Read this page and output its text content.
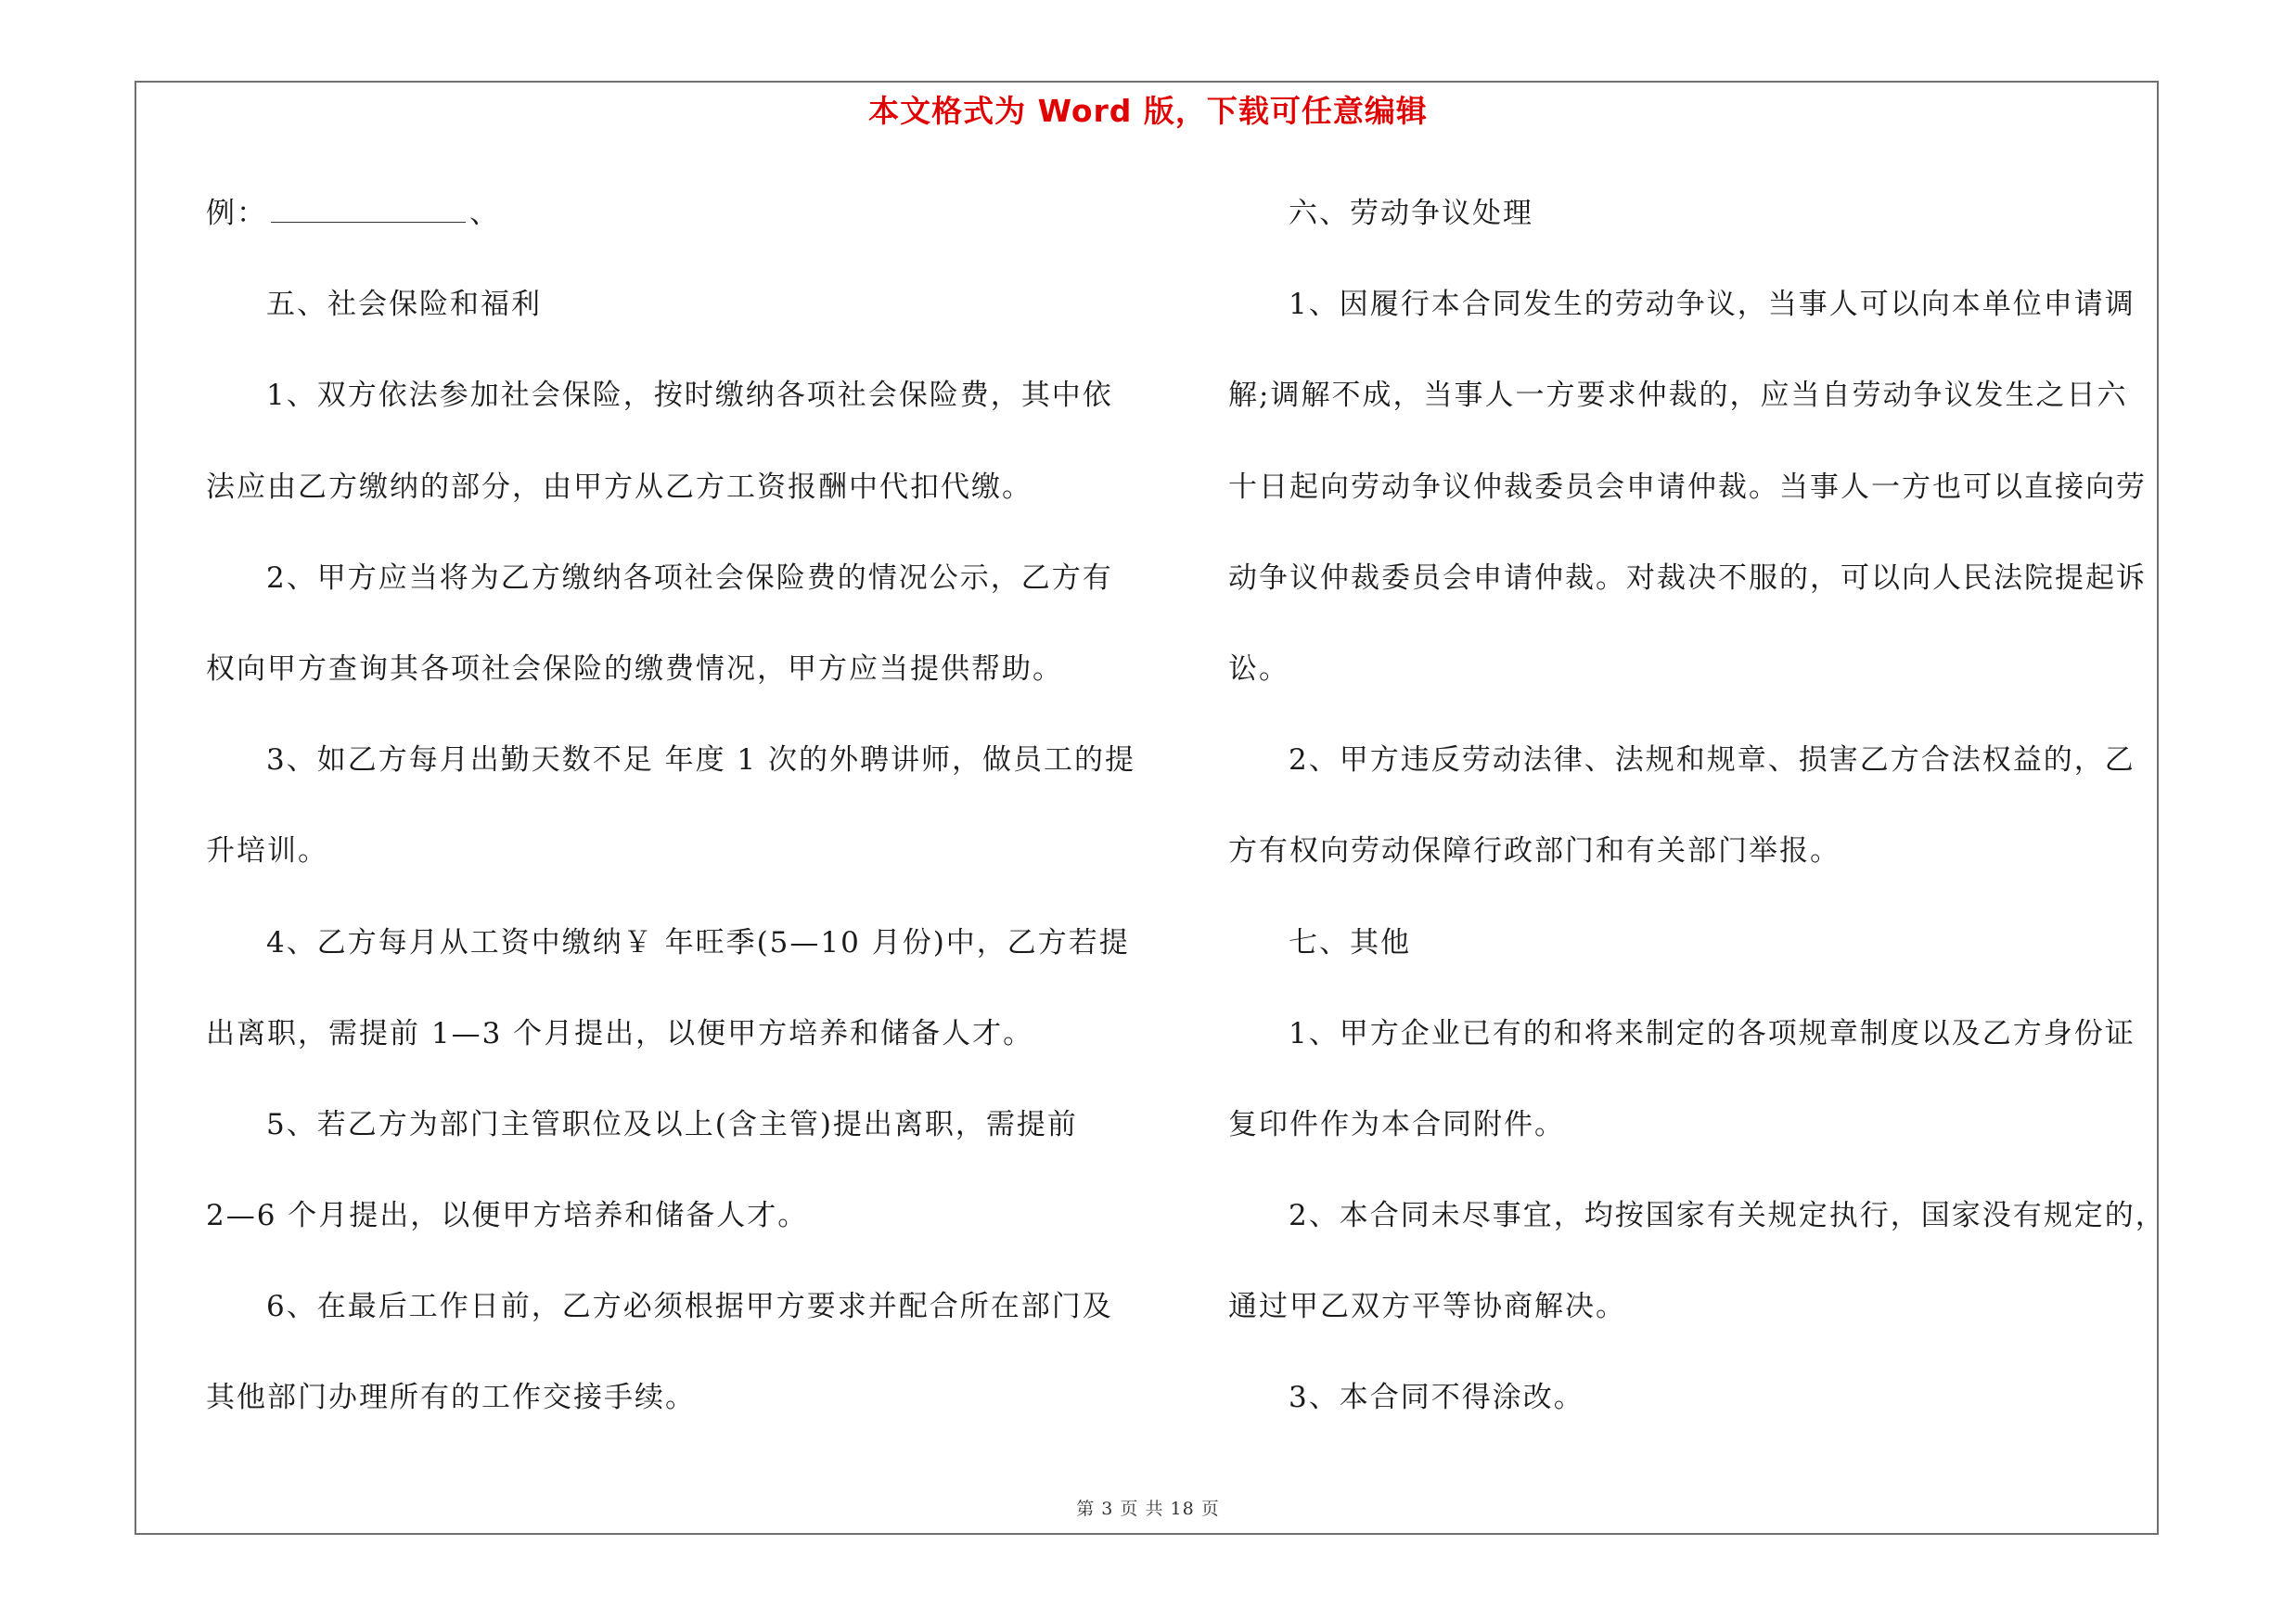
本文格式为 Word 版，下载可任意编辑
例：	、
五、社会保险和福利
1、双方依法参加社会保险，按时缴纳各项社会保险费，其中依
法应由乙方缴纳的部分，由甲方从乙方工资报酬中代扣代缴。
2、甲方应当将为乙方缴纳各项社会保险费的情况公示，乙方有
权向甲方查询其各项社会保险的缴费情况，甲方应当提供帮助。
3、如乙方每月出勤天数不足 年度 1 次的外聘讲师，做员工的提
升培训。
4、乙方每月从工资中缴纳￥ 年旺季(5—10 月份)中，乙方若提
出离职，需提前 1—3 个月提出，以便甲方培养和储备人才。
5、若乙方为部门主管职位及以上(含主管)提出离职，需提前
2—6 个月提出，以便甲方培养和储备人才。
6、在最后工作日前，乙方必须根据甲方要求并配合所在部门及
其他部门办理所有的工作交接手续。
六、劳动争议处理
1、因履行本合同发生的劳动争议，当事人可以向本单位申请调
解;调解不成，当事人一方要求仲裁的，应当自劳动争议发生之日六
十日起向劳动争议仲裁委员会申请仲裁。当事人一方也可以直接向劳
动争议仲裁委员会申请仲裁。对裁决不服的，可以向人民法院提起诉
讼。
2、甲方违反劳动法律、法规和规章、损害乙方合法权益的，乙
方有权向劳动保障行政部门和有关部门举报。
七、其他
1、甲方企业已有的和将来制定的各项规章制度以及乙方身份证
复印件作为本合同附件。
2、本合同未尽事宜，均按国家有关规定执行，国家没有规定的，
通过甲乙双方平等协商解决。
3、本合同不得涂改。
第 3 页 共 18 页
